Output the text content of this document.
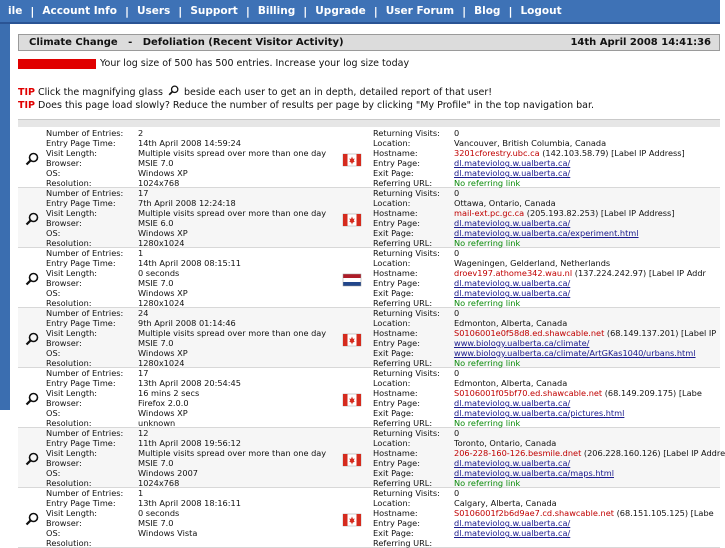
ile | Account Info | Users | Support | Billing | Upgrade | User Forum | Blog | Logout
Climate Change   -   Defoliation (Recent Visitor Activity)	14th April 2008 14:41:36
Your log size of 500 has 500 entries. Increase your log size today
TIP Click the magnifying glass beside each user to get an in depth, detailed report of that user!
TIP Does this page load slowly? Reduce the number of results per page by clicking "My Profile" in the top navigation bar.
Number of Entries:
Entry Page Time:
Visit Length:
Browser:
OS:
Resolution:
2
14th April 2008 14:59:24
Multiple visits spread over more than one day
MSIE 7.0
Windows XP
1024x768
Returning Visits:
Location:
Hostname:
Entry Page:
Exit Page:
Referring URL:
0
Vancouver, British Columbia, Canada
3201cforestry.ubc.ca (142.103.58.79) [Label IP Address]
dl.mateviolog.w.ualberta.ca/
dl.mateviolog.w.ualberta.ca/
No referring link
Number of Entries:
Entry Page Time:
Visit Length:
Browser:
OS:
Resolution:
17
7th April 2008 12:24:18
Multiple visits spread over more than one day
MSIE 6.0
Windows XP
1280x1024
Returning Visits:
Location:
Hostname:
Entry Page:
Exit Page:
Referring URL:
0
Ottawa, Ontario, Canada
mail-ext.pc.gc.ca (205.193.82.253) [Label IP Address]
dl.mateviolog.w.ualberta.ca/
dl.mateviolog.w.ualberta.ca/experiment.html
No referring link
Number of Entries:
Entry Page Time:
Visit Length:
Browser:
OS:
Resolution:
1
14th April 2008 08:15:11
0 seconds
MSIE 7.0
Windows XP
1280x1024
Returning Visits:
Location:
Hostname:
Entry Page:
Exit Page:
Referring URL:
0
Wageningen, Gelderland, Netherlands
droev197.athome342.wau.nl (137.224.242.97) [Label IP Addr
dl.mateviolog.w.ualberta.ca/
dl.mateviolog.w.ualberta.ca/
No referring link
Number of Entries:
Entry Page Time:
Visit Length:
Browser:
OS:
Resolution:
24
9th April 2008 01:14:46
Multiple visits spread over more than one day
MSIE 7.0
Windows XP
1280x1024
Returning Visits:
Location:
Hostname:
Entry Page:
Exit Page:
Referring URL:
0
Edmonton, Alberta, Canada
S0106001e0f58d8.ed.shawcable.net (68.149.137.201) [Label IP
www.biology.ualberta.ca/climate/
www.biology.ualberta.ca/climate/ArtGKas1040/urbans.html
No referring link
Number of Entries:
Entry Page Time:
Visit Length:
Browser:
OS:
Resolution:
17
13th April 2008 20:54:45
16 mins 2 secs
Firefox 2.0.0
Windows XP
unknown
Returning Visits:
Location:
Hostname:
Entry Page:
Exit Page:
Referring URL:
0
Edmonton, Alberta, Canada
S0106001f05bf70.ed.shawcable.net (68.149.209.175) [Labe
dl.mateviolog.w.ualberta.ca/
dl.mateviolog.w.ualberta.ca/pictures.html
No referring link
Number of Entries:
Entry Page Time:
Visit Length:
Browser:
OS:
Resolution:
12
11th April 2008 19:56:12
Multiple visits spread over more than one day
MSIE 7.0
Windows 2007
1024x768
Returning Visits:
Location:
Hostname:
Entry Page:
Exit Page:
Referring URL:
0
Toronto, Ontario, Canada
206-228-160-126.besmile.dnet (206.228.160.126) [Label IP Addre
dl.mateviolog.w.ualberta.ca/
dl.mateviolog.w.ualberta.ca/maps.html
No referring link
Number of Entries:
Entry Page Time:
Visit Length:
Browser:
OS:
Resolution:
1
13th April 2008 18:16:11
0 seconds
MSIE 7.0
Windows Vista
Returning Visits:
Location:
Hostname:
Entry Page:
Exit Page:
Referring URL:
0
Calgary, Alberta, Canada
S0106001f2b6d9ae7.cd.shawcable.net (68.151.105.125) [Labe
dl.mateviolog.w.ualberta.ca/
dl.mateviolog.w.ualberta.ca/
